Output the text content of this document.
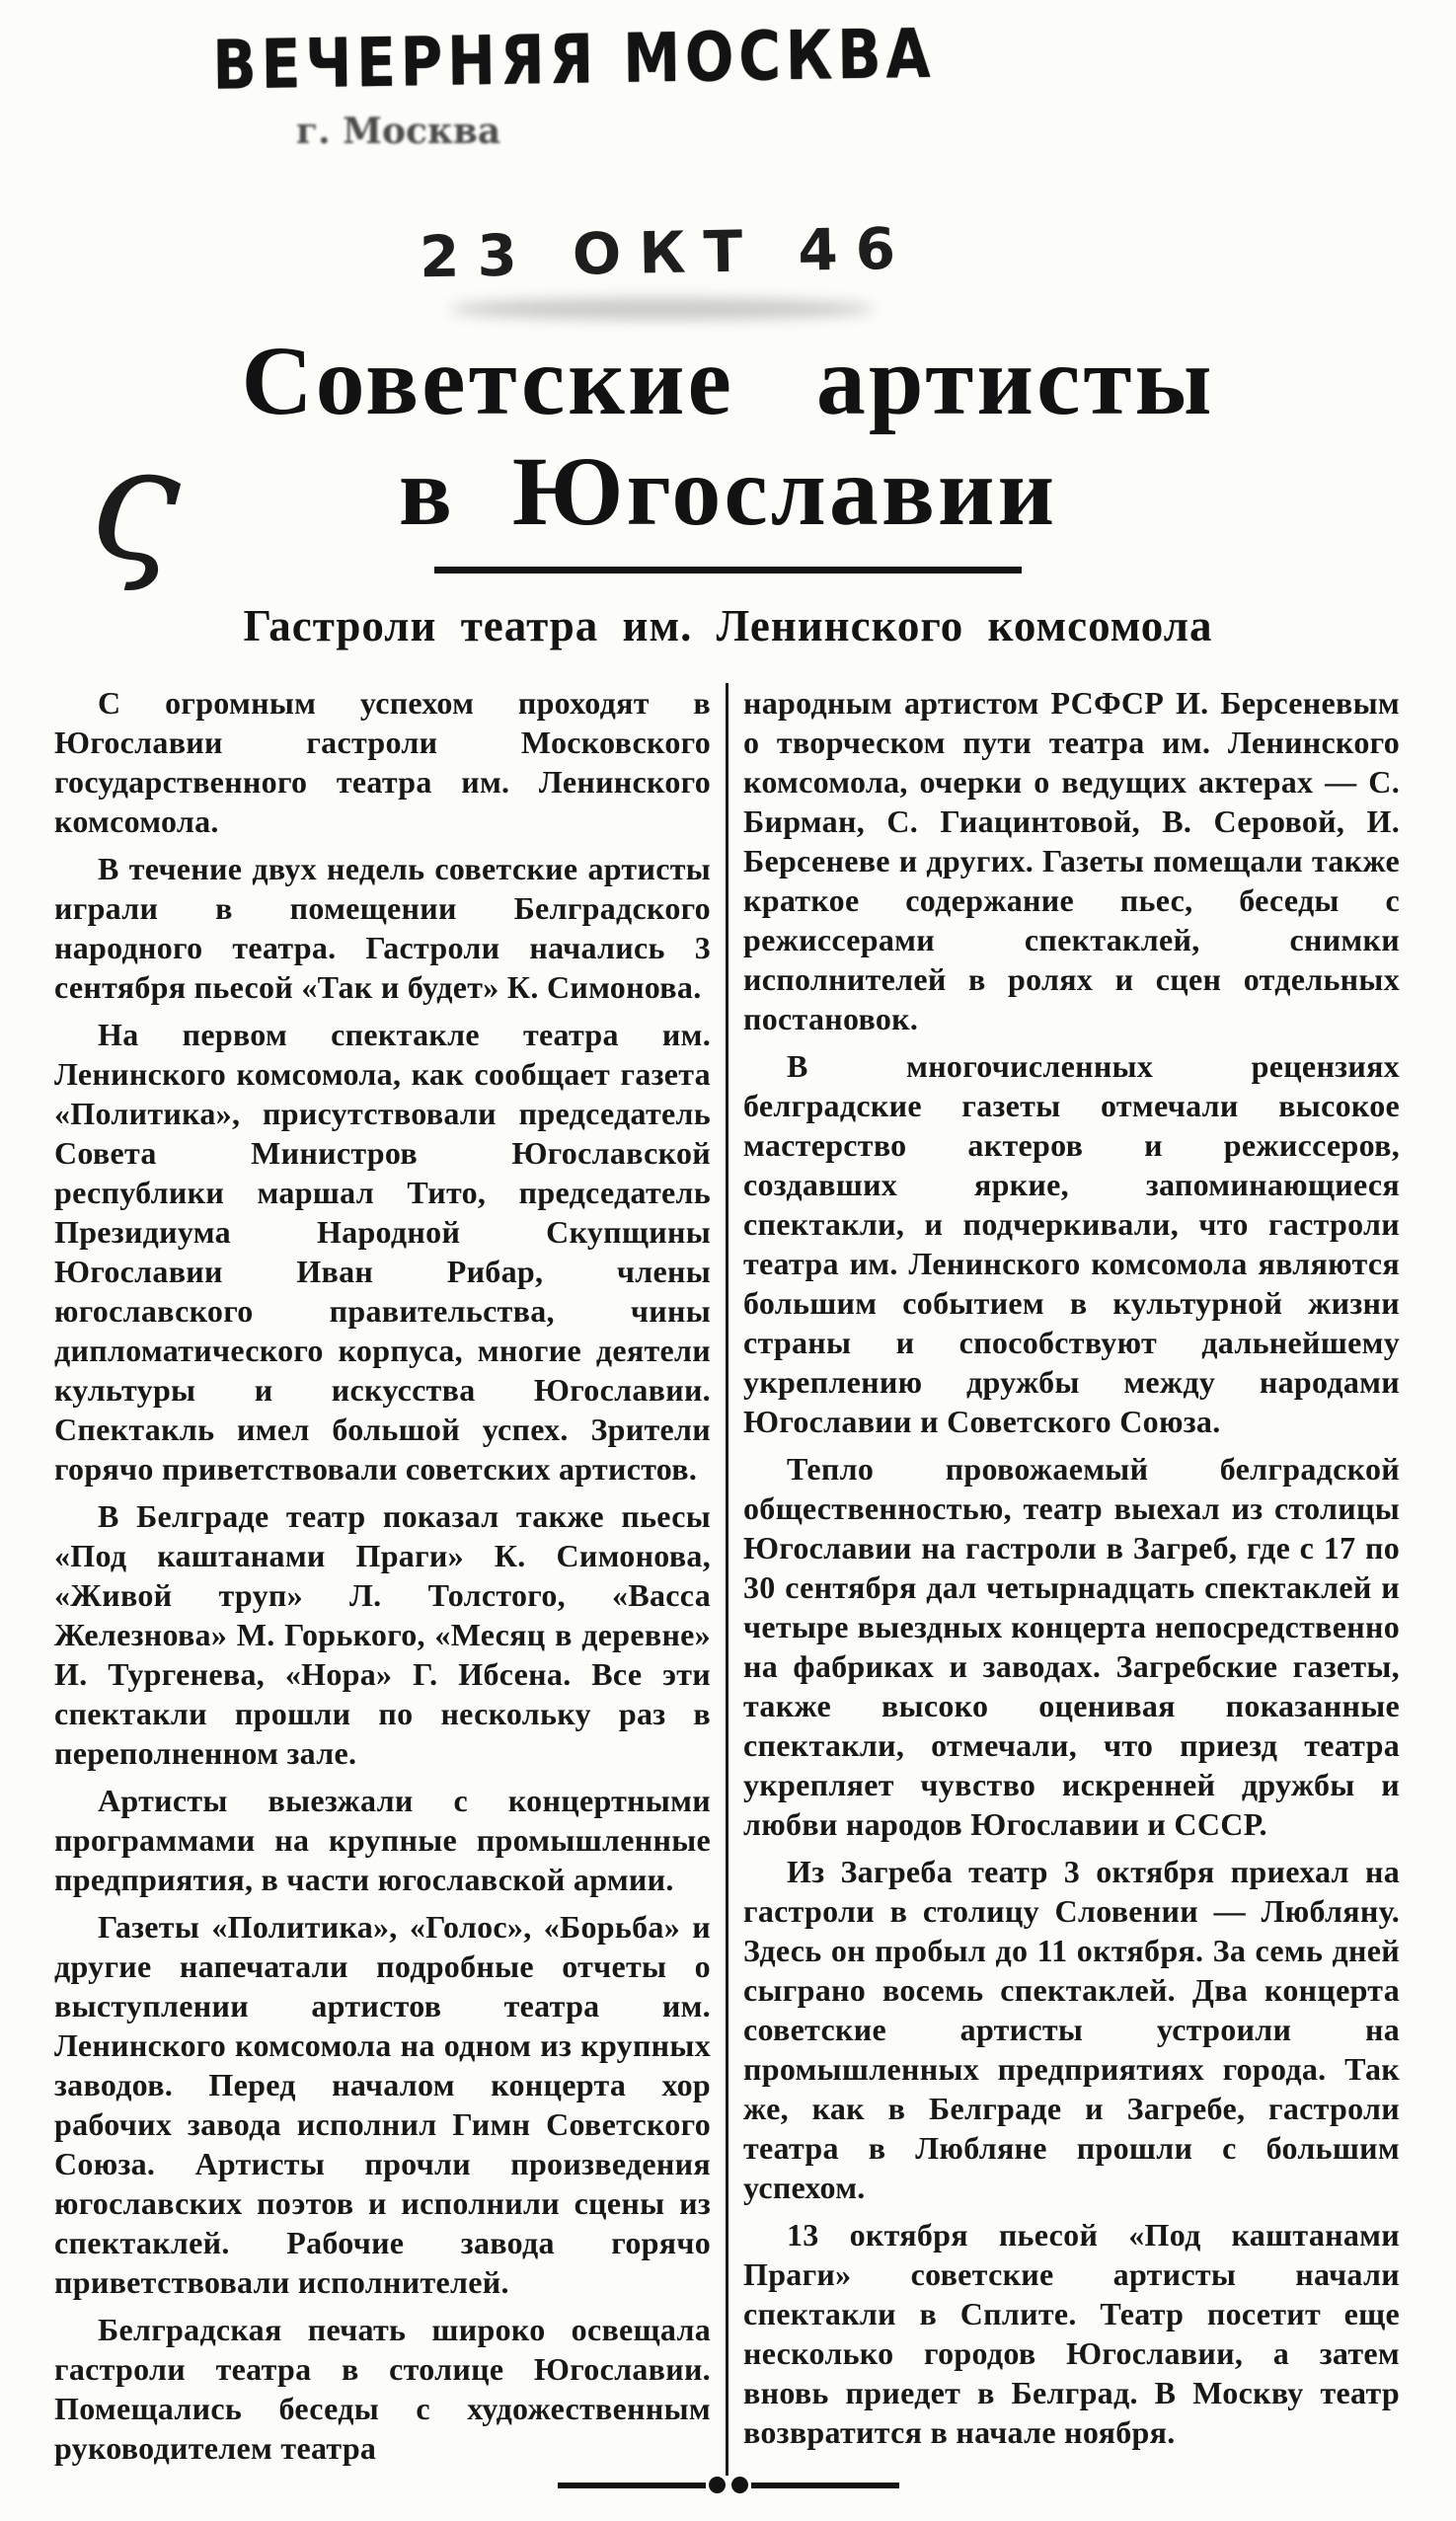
ВЕЧЕРНЯЯ МОСКВА
г. Москва
23 ОКТ 46
ς
Советские артисты
в Югославии
Гастроли театра им. Ленинского комсомола

С огромным успехом проходят в Югославии гастроли Московского государственного театра им. Ленинского комсомола.

В течение двух недель советские артисты играли в помещении Белградского народного театра. Гастроли начались 3 сентября пьесой «Так и будет» К. Симонова.

На первом спектакле театра им. Ленинского комсомола, как сообщает газета «Политика», присутствовали председатель Совета Министров Югославской республики маршал Тито, председатель Президиума Народной Скупщины Югославии Иван Рибар, члены югославского правительства, чины дипломатического корпуса, многие деятели культуры и искусства Югославии. Спектакль имел большой успех. Зрители горячо приветствовали советских артистов.

В Белграде театр показал также пьесы «Под каштанами Праги» К. Симонова, «Живой труп» Л. Толстого, «Васса Железнова» М. Горького, «Месяц в деревне» И. Тургенева, «Нора» Г. Ибсена. Все эти спектакли прошли по нескольку раз в переполненном зале.

Артисты выезжали с концертными программами на крупные промышленные предприятия, в части югославской армии.

Газеты «Политика», «Голос», «Борьба» и другие напечатали подробные отчеты о выступлении артистов театра им. Ленинского комсомола на одном из крупных заводов. Перед началом концерта хор рабочих завода исполнил Гимн Советского Союза. Артисты прочли произведения югославских поэтов и исполнили сцены из спектаклей. Рабочие завода горячо приветствовали исполнителей.

Белградская печать широко освещала гастроли театра в столице Югославии. Помещались беседы с художественным руководителем театра

народным артистом РСФСР И. Берсеневым о творческом пути театра им. Ленинского комсомола, очерки о ведущих актерах — С. Бирман, С. Гиацинтовой, В. Серовой, И. Берсеневе и других. Газеты помещали также краткое содержание пьес, беседы с режиссерами спектаклей, снимки исполнителей в ролях и сцен отдельных постановок.

В многочисленных рецензиях белградские газеты отмечали высокое мастерство актеров и режиссеров, создавших яркие, запоминающиеся спектакли, и подчеркивали, что гастроли театра им. Ленинского комсомола являются большим событием в культурной жизни страны и способствуют дальнейшему укреплению дружбы между народами Югославии и Советского Союза.

Тепло провожаемый белградской общественностью, театр выехал из столицы Югославии на гастроли в Загреб, где с 17 по 30 сентября дал четырнадцать спектаклей и четыре выездных концерта непосредственно на фабриках и заводах. Загребские газеты, также высоко оценивая показанные спектакли, отмечали, что приезд театра укрепляет чувство искренней дружбы и любви народов Югославии и СССР.

Из Загреба театр 3 октября приехал на гастроли в столицу Словении — Любляну. Здесь он пробыл до 11 октября. За семь дней сыграно восемь спектаклей. Два концерта советские артисты устроили на промышленных предприятиях города. Так же, как в Белграде и Загребе, гастроли театра в Любляне прошли с большим успехом.

13 октября пьесой «Под каштанами Праги» советские артисты начали спектакли в Сплите. Театр посетит еще несколько городов Югославии, а затем вновь приедет в Белград. В Москву театр возвратится в начале ноября.
